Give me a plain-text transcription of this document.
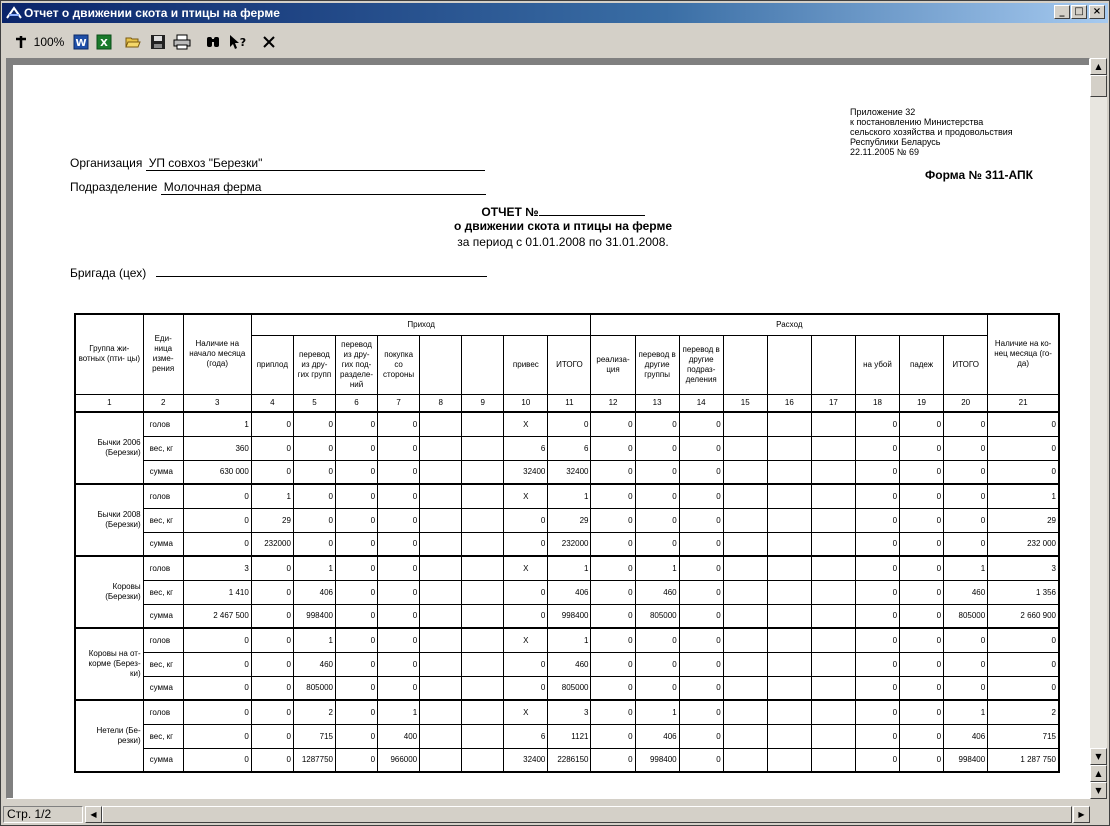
Отчет о движении скота и птицы на ферме	_ □ ×
100% W X	?
Приложение 32
к постановлению Министерства
сельского хозяйства и продовольствия
Республики Беларусь
22.11.2005 № 69
Форма № 311-АПК
Организация УП совхоз "Березки"
Подразделение Молочная ферма
ОТЧЕТ №
о движении скота и птицы на ферме
за период с 01.01.2008 по 31.01.2008.
Бригада (цех)
Группа жи- вотных (пти- цы)	Еди- ница изме- рения	Наличие на начало месяца (года)	Приход								Расход									Наличие на ко- нец месяца (го- да)
			приплод	перевод из дру- гих групп	перевод из дру- гих под- разделе- ний	покупка со стороны			привес	ИТОГО	реализа- ция	перевод в другие группы	перевод в другие подраз- деления				на убой	падеж	ИТОГО	
1	2	3	4	5	6	7	8	9	10	11	12	13	14	15	16	17	18	19	20	21
Бычки 2006 (Березки)	голов	1	0	0	0	0			Х	0	0	0	0				0	0	0	0
	вес, кг	360	0	0	0	0			6	6	0	0	0				0	0	0	0
	сумма	630 000	0	0	0	0			32400	32400	0	0	0				0	0	0	0
Бычки 2008 (Березки)	голов	0	1	0	0	0			Х	1	0	0	0				0	0	0	1
	вес, кг	0	29	0	0	0			0	29	0	0	0				0	0	0	29
	сумма	0	232000	0	0	0			0	232000	0	0	0				0	0	0	232 000
Коровы (Березки)	голов	3	0	1	0	0			Х	1	0	1	0				0	0	1	3
	вес, кг	1 410	0	406	0	0			0	406	0	460	0				0	0	460	1 356
	сумма	2 467 500	0	998400	0	0			0	998400	0	805000	0				0	0	805000	2 660 900
Коровы на от- корме (Берез- ки)	голов	0	0	1	0	0			Х	1	0	0	0				0	0	0	0
	вес, кг	0	0	460	0	0			0	460	0	0	0				0	0	0	0
	сумма	0	0	805000	0	0			0	805000	0	0	0				0	0	0	0
Нетели (Бе- резки)	голов	0	0	2	0	1			Х	3	0	1	0				0	0	1	2
	вес, кг	0	0	715	0	400			6	1121	0	406	0				0	0	406	715
	сумма	0	0	1287750	0	966000			32400	2286150	0	998400	0				0	0	998400	1 287 750
▲
▼
▲
▼
Стр. 1/2	◀	▶
